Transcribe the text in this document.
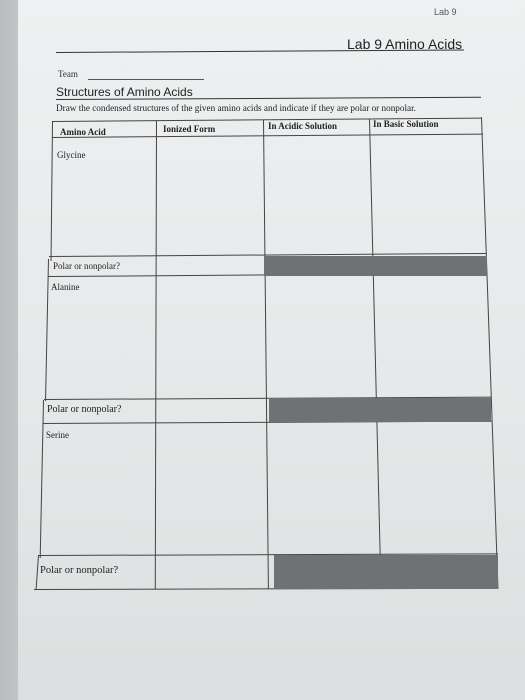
Lab 9
Lab 9 Amino Acids
Team
Structures of Amino Acids
Draw the condensed structures of the given amino acids and indicate if they are polar or nonpolar.
Amino Acid	Ionized Form	In Acidic Solution	In Basic Solution
Glycine
Polar or nonpolar?
Alanine
Polar or nonpolar?
Serine
Polar or nonpolar?
